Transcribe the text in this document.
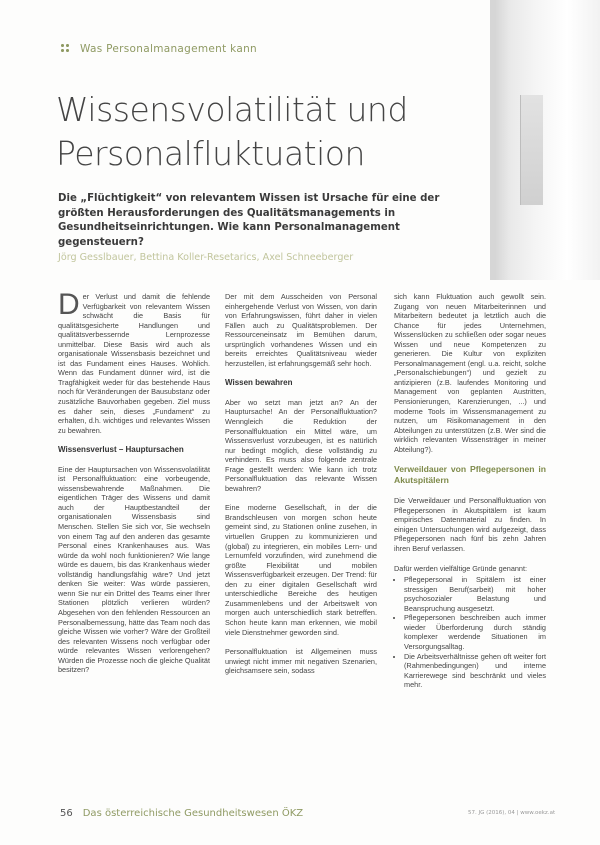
Was Personalmanagement kann
Wissensvolatilität und
Personalfluktuation
Die „Flüchtigkeit“ von relevantem Wissen ist Ursache für eine der größten Herausforderungen des Qualitätsmanagements in Gesundheitseinrichtungen. Wie kann Personalmanagement gegensteuern?
Jörg Gesslbauer, Bettina Koller-Resetarics, Axel Schneeberger

Der Verlust und damit die fehlende Verfügbarkeit von relevantem Wissen schwächt die Basis für qualitätsgesicherte Handlungen und qualitätsverbessernde Lernprozesse unmittelbar. Diese Basis wird auch als organisationale Wissensbasis bezeichnet und ist das Fundament eines Hauses. Wohlich. Wenn das Fundament dünner wird, ist die Tragfähigkeit weder für das bestehende Haus noch für Veränderungen der Bausubstanz oder zusätzliche Bauvorhaben gegeben. Ziel muss es daher sein, dieses „Fundament“ zu erhalten, d.h. wichtiges und relevantes Wissen zu bewahren.

Wissensverlust – Hauptursachen

Eine der Hauptursachen von Wissensvolatilität ist Personalfluktuation: eine vorbeugende, wissensbewahrende Maßnahmen. Die eigentlichen Träger des Wissens und damit auch der Hauptbestandteil der organisationalen Wissensbasis sind Menschen. Stellen Sie sich vor, Sie wechseln von einem Tag auf den anderen das gesamte Personal eines Krankenhauses aus. Was würde da wohl noch funktionieren? Wie lange würde es dauern, bis das Krankenhaus wieder vollständig handlungsfähig wäre? Und jetzt denken Sie weiter: Was würde passieren, wenn Sie nur ein Drittel des Teams einer Ihrer Stationen plötzlich verlieren würden? Abgesehen von den fehlenden Ressourcen an Personalbemessung, hätte das Team noch das gleiche Wissen wie vorher? Wäre der Großteil des relevanten Wissens noch verfügbar oder würde relevantes Wissen verlorengehen? Würden die Prozesse noch die gleiche Qualität besitzen?

Der mit dem Ausscheiden von Personal einhergehende Verlust von Wissen, von darin von Erfahrungswissen, führt daher in vielen Fällen auch zu Qualitätsproblemen. Der Ressourceneinsatz im Bemühen darum, ursprünglich vorhandenes Wissen und ein bereits erreichtes Qualitätsniveau wieder herzustellen, ist erfahrungsgemäß sehr hoch.

Wissen bewahren

Aber wo setzt man jetzt an? An der Hauptursache! An der Personalfluktuation? Wenngleich die Reduktion der Personalfluktuation ein Mittel wäre, um Wissensverlust vorzubeugen, ist es natürlich nur bedingt möglich, diese vollständig zu verhindern. Es muss also folgende zentrale Frage gestellt werden: Wie kann ich trotz Personalfluktuation das relevante Wissen bewahren?

Eine moderne Gesellschaft, in der die Brandschleusen von morgen schon heute gemeint sind, zu Stationen online zusehen, in virtuellen Gruppen zu kommunizieren und (global) zu integrieren, ein mobiles Lern- und Lernumfeld vorzufinden, wird zunehmend die größte Flexibilität und mobilen Wissensverfügbarkeit erzeugen. Der Trend: für den zu einer digitalen Gesellschaft wird unterschiedliche Bereiche des heutigen Zusammenlebens und der Arbeitswelt von morgen auch unterschiedlich stark betreffen. Schon heute kann man erkennen, wie mobil viele Dienstnehmer geworden sind.

Personalfluktuation ist Allgemeinen muss unwiegt nicht immer mit negativen Szenarien, gleichsamsere sein, sodass

sich kann Fluktuation auch gewollt sein. Zugang von neuen Mitarbeiterinnen und Mitarbeitern bedeutet ja letztlich auch die Chance für jedes Unternehmen, Wissenslücken zu schließen oder sogar neues Wissen und neue Kompetenzen zu generieren. Die Kultur von expliziten Personalmanagement (engl. u.a. reicht, solche „Personalschiebungen“) und gezielt zu antizipieren (z.B. laufendes Monitoring und Management von geplanten Austritten, Pensionierungen, Karenzierungen, ...) und moderne Tools im Wissensmanagement zu nutzen, um Risikomanagement in den Abteilungen zu unterstützen (z.B. Wer sind die wirklich relevanten Wissensträger in meiner Abteilung?).

Verweildauer von Pflegepersonen in Akutspitälern

Die Verweildauer und Personalfluktuation von Pflegepersonen in Akutspitälern ist kaum empirisches Datenmaterial zu finden. In einigen Untersuchungen wird aufgezeigt, dass Pflegepersonen nach fünf bis zehn Jahren ihren Beruf verlassen.

Dafür werden vielfältige Gründe genannt:

• Pflegepersonal in Spitälern ist einer stressigen Beruf(sarbeit) mit hoher psychosozialer Belastung und Beanspruchung ausgesetzt.
• Pflegepersonen beschreiben auch immer wieder Überforderung durch ständig komplexer werdende Situationen im Versorgungsalltag.
• Die Arbeitsverhältnisse gehen oft weiter fort (Rahmenbedingungen) und interne Karrierewege sind beschränkt und vieles mehr.
56 Das österreichische Gesundheitswesen ÖKZ	57. JG (2016), 04 | www.oekz.at
